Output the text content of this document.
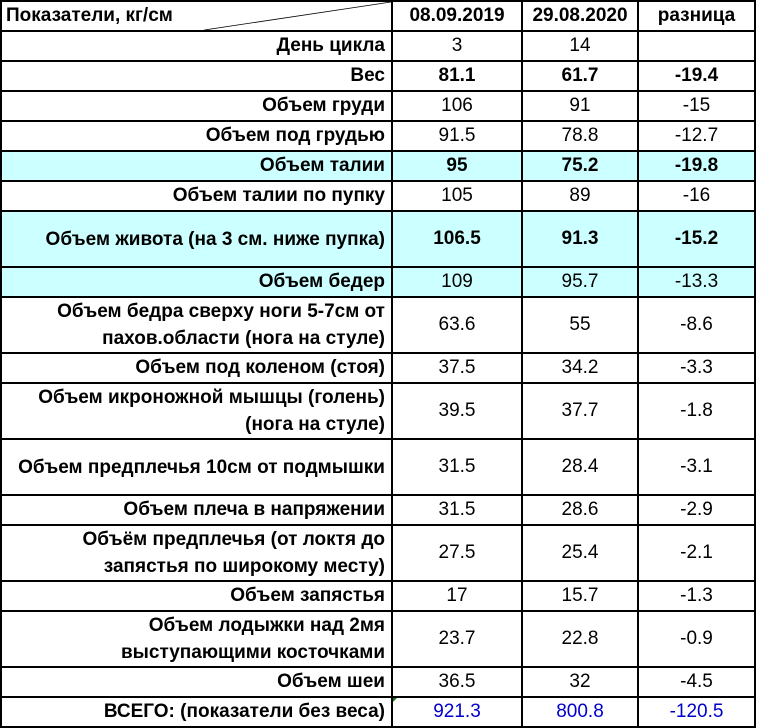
Показатели, кг/см	08.09.2019	29.08.2020	разница
День цикла	3	14	
Вес	81.1	61.7	-19.4
Объем груди	106	91	-15
Объем под грудью	91.5	78.8	-12.7
Объем талии	95	75.2	-19.8
Объем талии по пупку	105	89	-16
Объем живота (на 3 см. ниже пупка)	106.5	91.3	-15.2
Объем бедер	109	95.7	-13.3
Объем бедра сверху ноги 5-7см от пахов.области (нога на стуле)	63.6	55	-8.6
Объем под коленом (стоя)	37.5	34.2	-3.3
Объем икроножной мышцы (голень) (нога на стуле)	39.5	37.7	-1.8
Объем предплечья 10см от подмышки	31.5	28.4	-3.1
Объем плеча в напряжении	31.5	28.6	-2.9
Объём предплечья (от локтя до запястья по широкому месту)	27.5	25.4	-2.1
Объем запястья	17	15.7	-1.3
Объем лодыжки над 2мя выступающими косточками	23.7	22.8	-0.9
Объем шеи	36.5	32	-4.5
ВСЕГО: (показатели без веса)	921.3	800.8	-120.5
